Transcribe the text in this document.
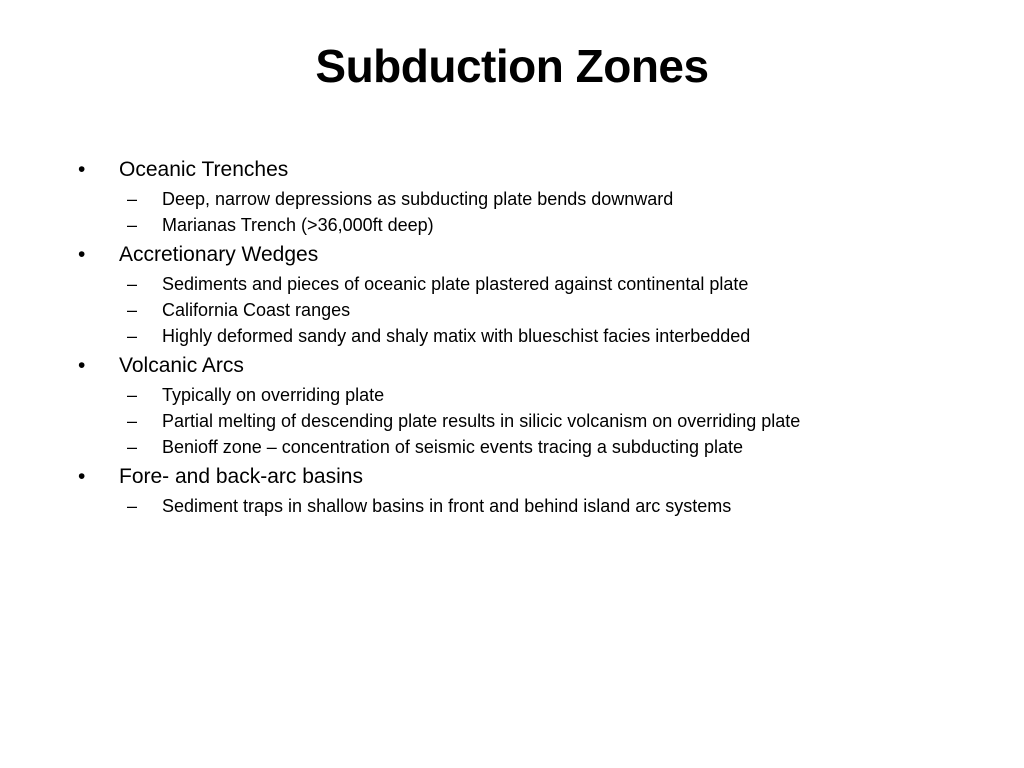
Subduction Zones
•	Oceanic Trenches
–	Deep, narrow depressions as subducting plate bends downward
–	Marianas Trench (>36,000ft deep)
•	Accretionary Wedges
–	Sediments and pieces of oceanic plate plastered against continental plate
–	California Coast ranges
–	Highly deformed sandy and shaly matix with blueschist facies interbedded
•	Volcanic Arcs
–	Typically on overriding plate
–	Partial melting of descending plate results in silicic volcanism on overriding plate
–	Benioff zone – concentration of seismic events tracing a subducting plate
•	Fore- and back-arc basins
–	Sediment traps in shallow basins in front and behind island arc systems
